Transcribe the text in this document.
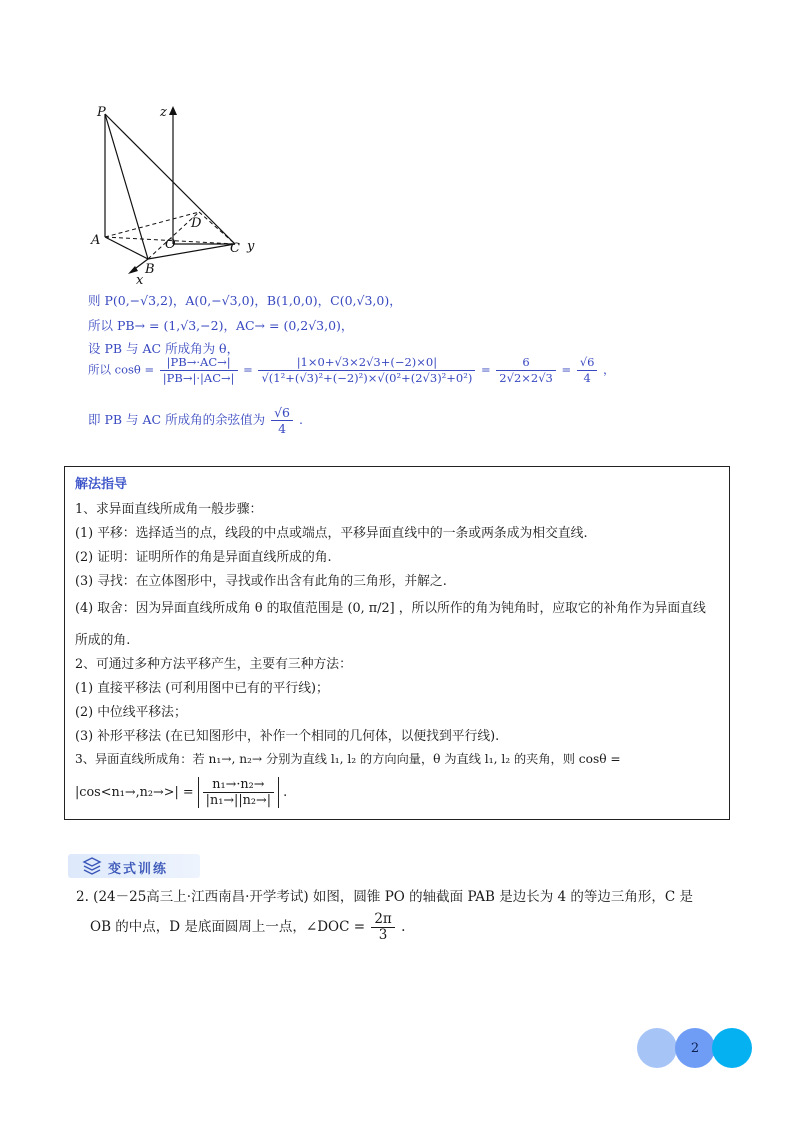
P	z
D
A	O	C y
B
x
则 P(0,−√3,2)，A(0,−√3,0)，B(1,0,0)，C(0,√3,0)，
所以 PB→ = (1,√3,−2)，AC→ = (0,2√3,0)，
设 PB 与 AC 所成角为 θ，
所以 $\cos\theta = \frac{|PB\to\cdot AC\to|}{|PB\to|\cdot|AC\to|} = \frac{|1\times 0+√3\times 2√3+(-2)\times 0|}{\text{√(1²+(√3)²+(−2)²)×√(0²+(2√3)²+0²)}} = \frac{6}{2√2\times 2√3} = \frac{√6}{4}$ ，
即 PB 与 AC 所成角的余弦值为 $\frac{√6}{4}$ .
解法指导
1、求异面直线所成角一般步骤：
(1) 平移：选择适当的点，线段的中点或端点，平移异面直线中的一条或两条成为相交直线.
(2) 证明：证明所作的角是异面直线所成的角.
(3) 寻找：在立体图形中，寻找或作出含有此角的三角形，并解之.
(4) 取舍：因为异面直线所成角 θ 的取值范围是 (0, π/2] ，所以所作的角为钝角时，应取它的补角作为异面直线
所成的角.
2、可通过多种方法平移产生，主要有三种方法：
(1) 直接平移法 (可利用图中已有的平行线)；
(2) 中位线平移法；
(3) 补形平移法 (在已知图形中，补作一个相同的几何体，以便找到平行线).
3、异面直线所成角：若 n₁→, n₂→ 分别为直线 l₁, l₂ 的方向向量，θ 为直线 l₁, l₂ 的夹角，则 cosθ =
$|\cos<n_1\to,n_2\to>| = \frac{\text{n₁→·n₂→}}{\text{|n₁→||n₂→|}}$ .
变式训练
2. (24－25高三上·江西南昌·开学考试) 如图，圆锥 PO 的轴截面 PAB 是边长为 4 的等边三角形，C 是
OB 的中点，D 是底面圆周上一点，∠DOC = $\frac{2\pi}{3}$ .
2
